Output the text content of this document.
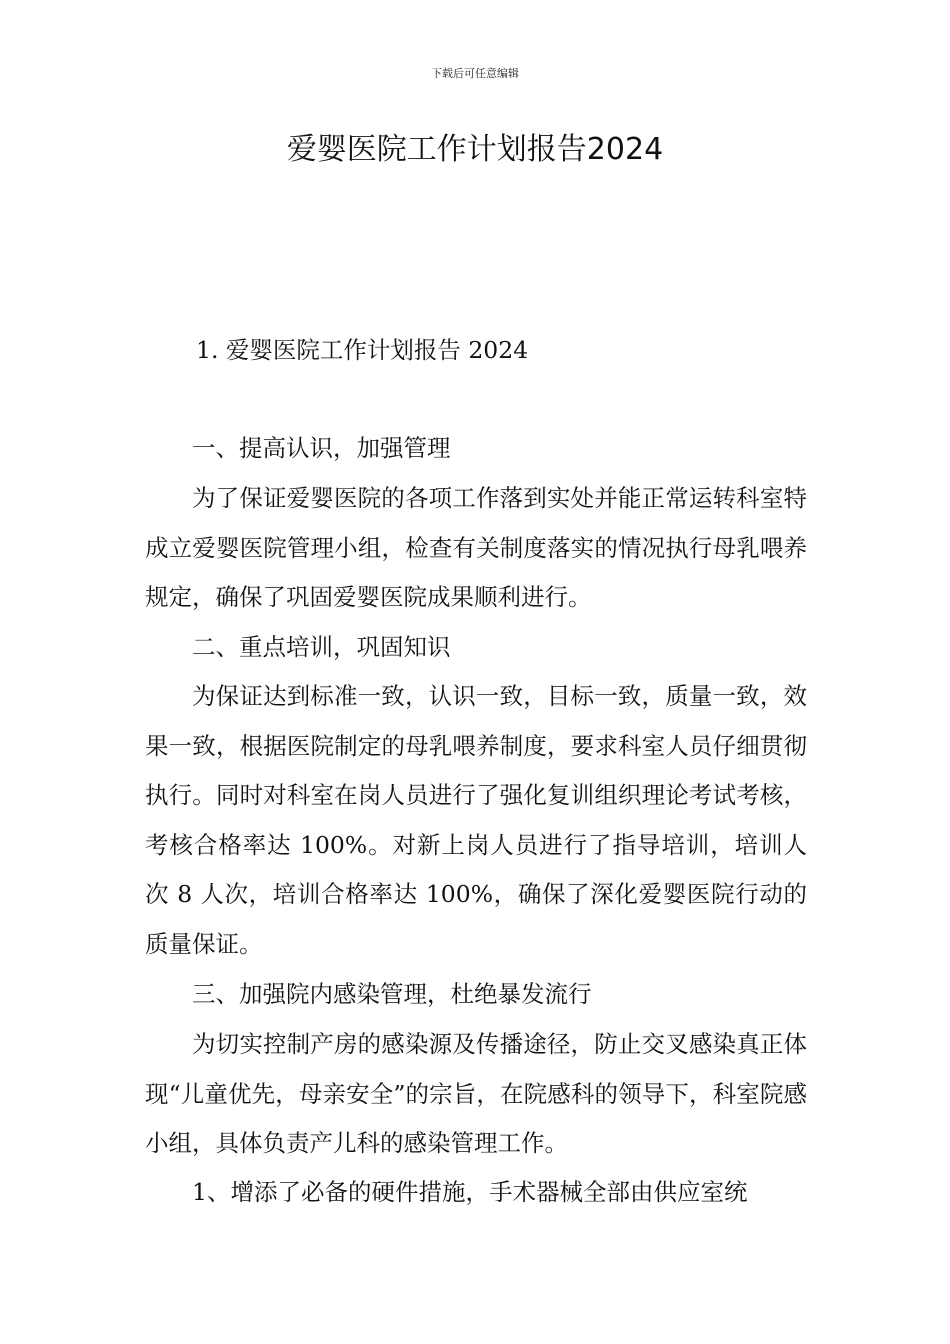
下载后可任意编辑
爱婴医院工作计划报告2024

1. 爱婴医院工作计划报告 2024

一、提高认识，加强管理

为了保证爱婴医院的各项工作落到实处并能正常运转科室特成立爱婴医院管理小组，检查有关制度落实的情况执行母乳喂养规定，确保了巩固爱婴医院成果顺利进行。

二、重点培训，巩固知识

为保证达到标准一致，认识一致，目标一致，质量一致，效果一致，根据医院制定的母乳喂养制度，要求科室人员仔细贯彻执行。同时对科室在岗人员进行了强化复训组织理论考试考核，考核合格率达 100%。对新上岗人员进行了指导培训，培训人次 8 人次，培训合格率达 100%，确保了深化爱婴医院行动的质量保证。

三、加强院内感染管理，杜绝暴发流行

为切实控制产房的感染源及传播途径，防止交叉感染真正体现“儿童优先，母亲安全”的宗旨，在院感科的领导下，科室院感小组，具体负责产儿科的感染管理工作。

1、增添了必备的硬件措施，手术器械全部由供应室统
